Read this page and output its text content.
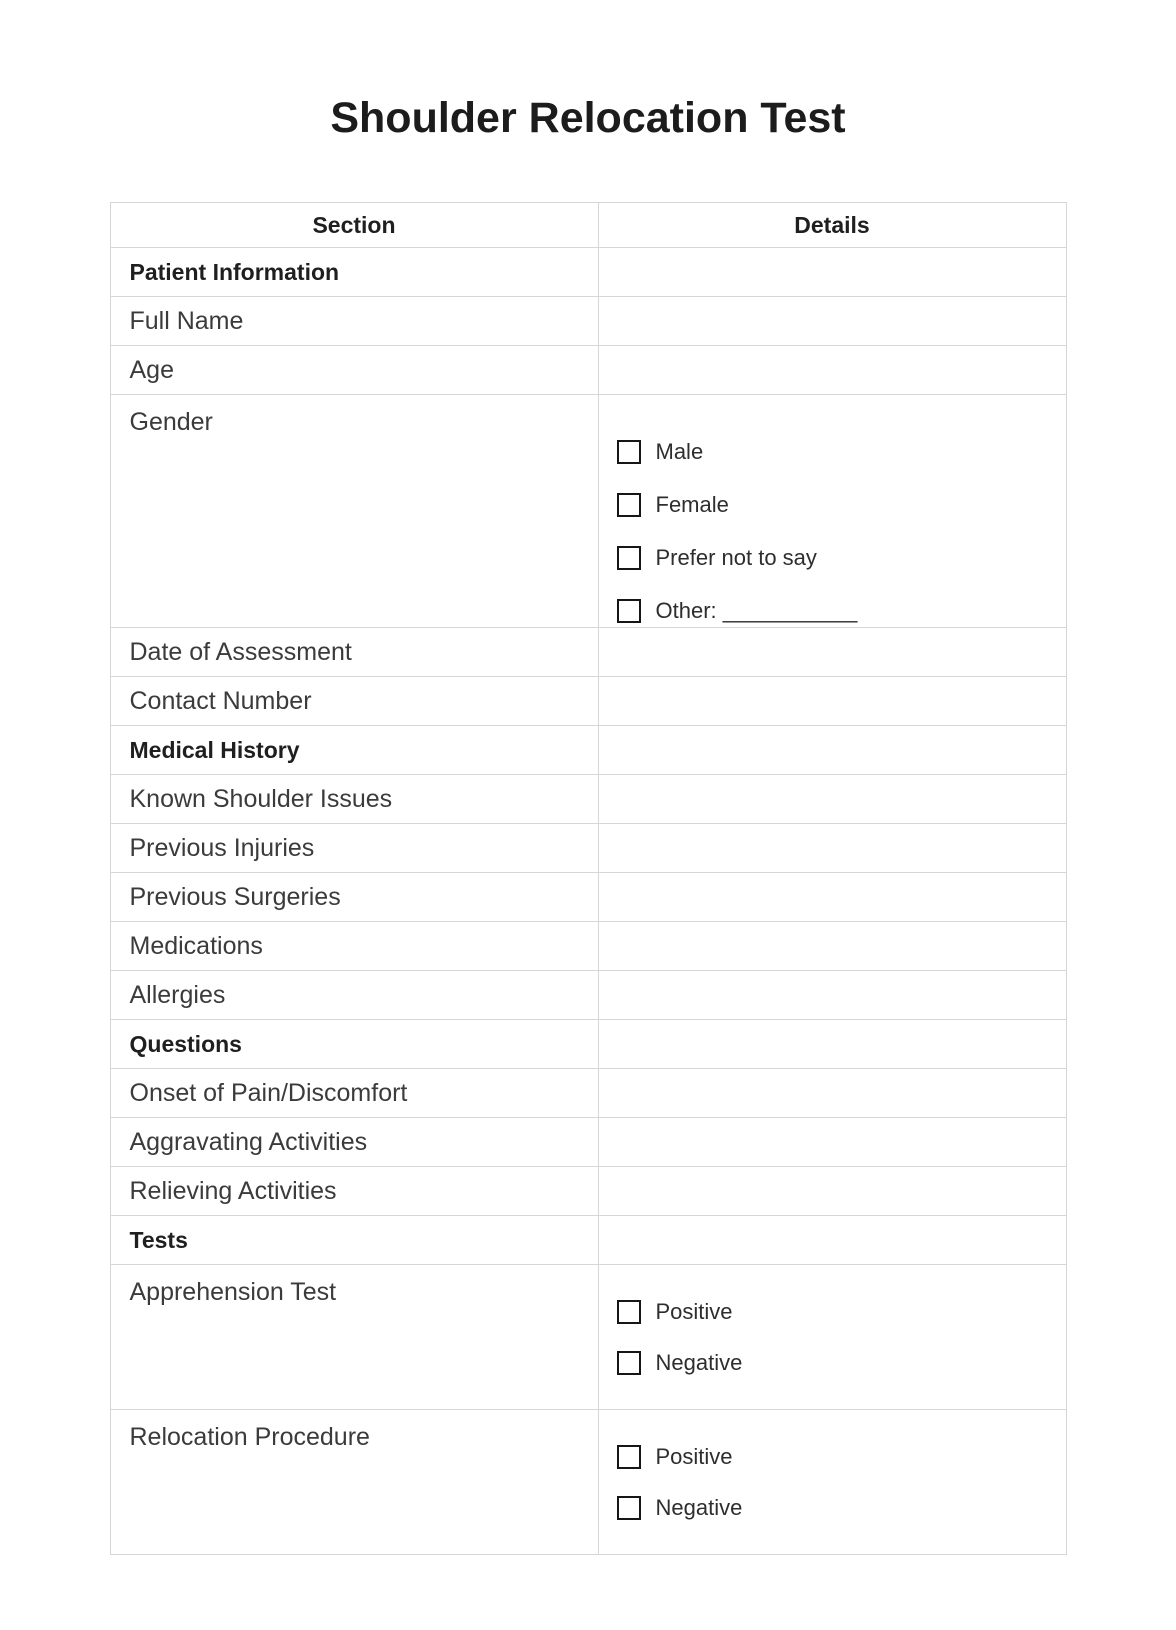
Shoulder Relocation Test
Section	Details
Patient Information	
Full Name	
Age	
Gender	Male
Female
Prefer not to say
Other: ___________

Date of Assessment	
Contact Number	
Medical History	
Known Shoulder Issues	
Previous Injuries	
Previous Surgeries	
Medications	
Allergies	
Questions	
Onset of Pain/Discomfort	
Aggravating Activities	
Relieving Activities	
Tests	
Apprehension Test	Positive
Negative

Relocation Procedure	Positive
Negative
